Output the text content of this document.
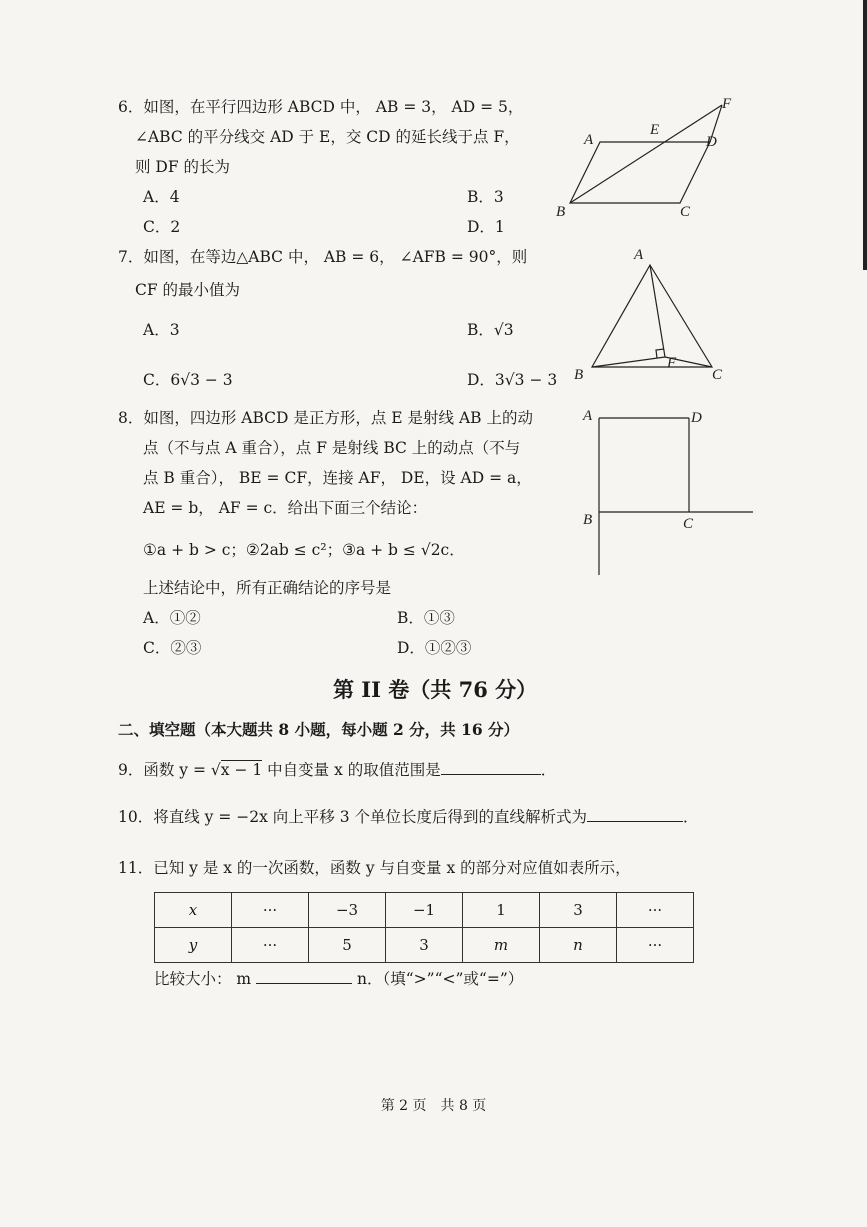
6．如图，在平行四边形 ABCD 中， AB = 3， AD = 5，
∠ABC 的平分线交 AD 于 E，交 CD 的延长线于点 F，
则 DF 的长为
A．4	B．3
C．2	D．1
A
E
D
F
B	C
7．如图，在等边△ABC 中， AB = 6， ∠AFB = 90°，则
CF 的最小值为
A．3	B．√3
C．6√3 − 3	D．3√3 − 3
A
B	C
F
8．如图，四边形 ABCD 是正方形，点 E 是射线 AB 上的动
点（不与点 A 重合），点 F 是射线 BC 上的动点（不与
点 B 重合）， BE = CF，连接 AF， DE，设 AD = a，
AE = b， AF = c．给出下面三个结论：
①a + b > c；②2ab ≤ c²；③a + b ≤ √2c．
上述结论中，所有正确结论的序号是
A．①②	B．①③
C．②③	D．①②③
A	D
B	C
第 II 卷（共 76 分）
二、填空题（本大题共 8 小题，每小题 2 分，共 16 分）
9．函数 y = √x − 1 中自变量 x 的取值范围是	．
10．将直线 y = −2x 向上平移 3 个单位长度后得到的直线解析式为	．
11．已知 y 是 x 的一次函数，函数 y 与自变量 x 的部分对应值如表所示，
x	···	−3	−1	1	3	···
y	···	5	3	m	n	···
比较大小： m	n．（填“>”“<”或“=”）
第 2 页　共 8 页
